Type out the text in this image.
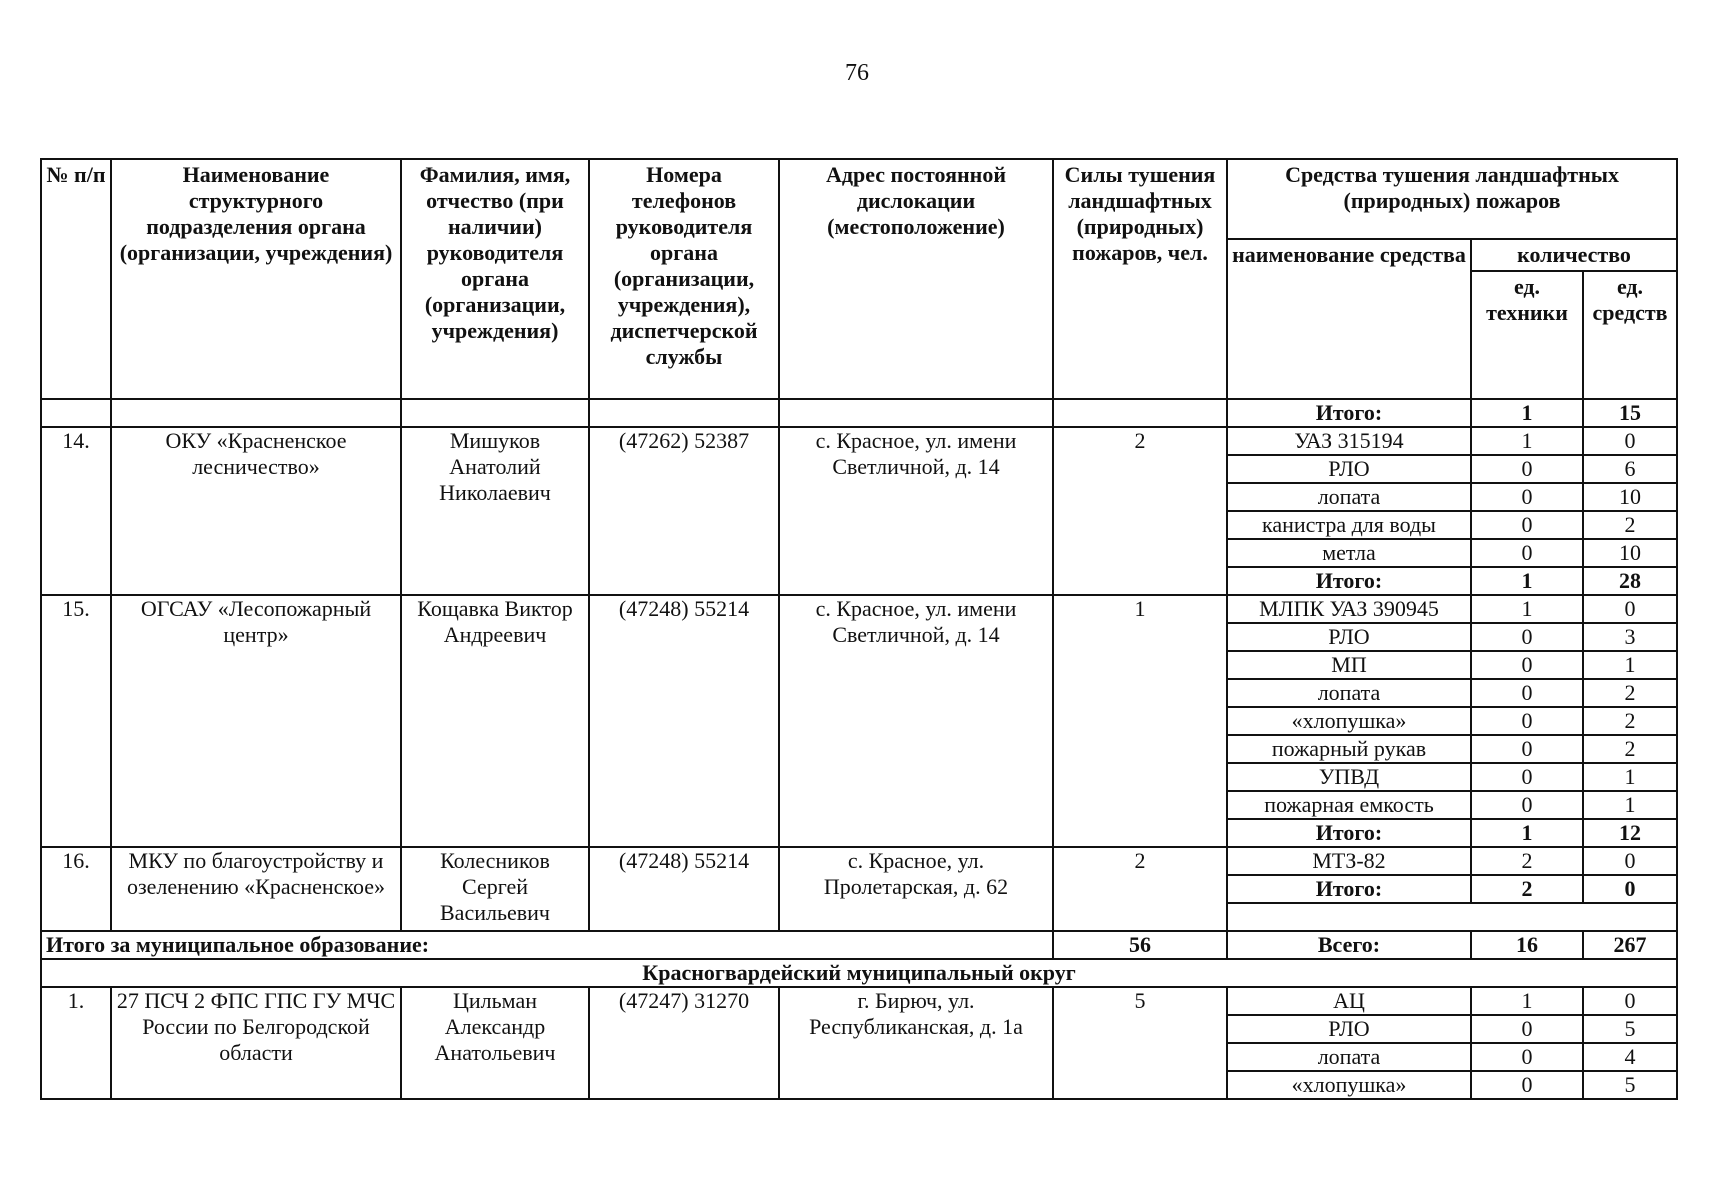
76
№ п/п	Наименование структурного подразделения органа (организации, учреждения)	Фамилия, имя, отчество (при наличии) руководителя органа (организации, учреждения)	Номера телефонов руководителя органа (организации, учреждения), диспетчерской службы	Адрес постоянной дислокации (местоположение)	Силы тушения ландшафтных (природных) пожаров, чел.	Средства тушения ландшафтных (природных) пожаров		
						наименование средства	количество	
							ед. техники	ед. средств
						Итого:	1	15
14.	ОКУ «Красненское лесничество»	Мишуков Анатолий Николаевич	(47262) 52387	с. Красное, ул. имени Светличной, д. 14	2	УАЗ 315194	1	0
						РЛО	0	6
						лопата	0	10
						канистра для воды	0	2
						метла	0	10
						Итого:	1	28
15.	ОГСАУ «Лесопожарный центр»	Кощавка Виктор Андреевич	(47248) 55214	с. Красное, ул. имени Светличной, д. 14	1	МЛПК УАЗ 390945	1	0
						РЛО	0	3
						МП	0	1
						лопата	0	2
						«хлопушка»	0	2
						пожарный рукав	0	2
						УПВД	0	1
						пожарная емкость	0	1
						Итого:	1	12
16.	МКУ по благоустройству и озеленению «Красненское»	Колесников Сергей Васильевич	(47248) 55214	с. Красное, ул. Пролетарская, д. 62	2	МТЗ-82	2	0
						Итого:	2	0

Итого за муниципальное образование:					56	Всего:	16	267
Красногвардейский муниципальный округ								
1.	27 ПСЧ 2 ФПС ГПС ГУ МЧС России по Белгородской области	Цильман Александр Анатольевич	(47247) 31270	г. Бирюч, ул. Республиканская, д. 1а	5	АЦ	1	0
						РЛО	0	5
						лопата	0	4
						«хлопушка»	0	5
